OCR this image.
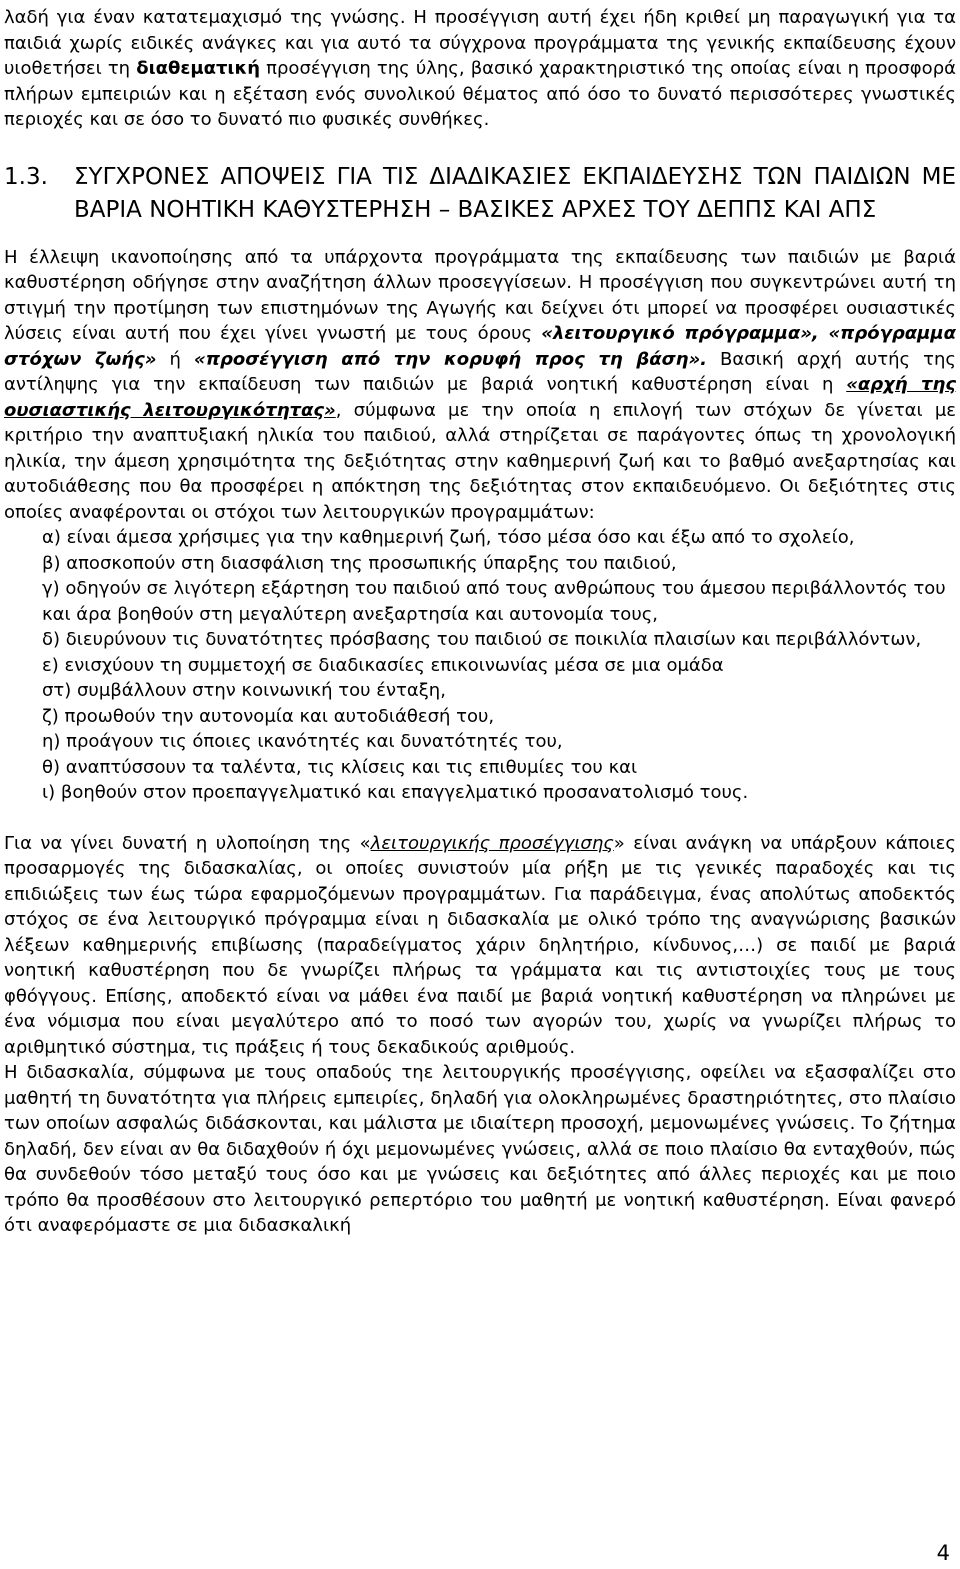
λαδή για έναν κατατεμαχισμό της γνώσης. Η προσέγγιση αυτή έχει ήδη κριθεί μη παραγωγική για τα παιδιά χωρίς ειδικές ανάγκες και για αυτό τα σύγχρονα προγράμματα της γενικής εκπαίδευσης έχουν υιοθετήσει τη διαθεματική προσέγγιση της ύλης, βασικό χαρακτηριστικό της οποίας είναι η προσφορά πλήρων εμπειριών και η εξέταση ενός συνολικού θέματος από όσο το δυνατό περισσότερες γνωστικές περιοχές και σε όσο το δυνατό πιο φυσικές συνθήκες.

1.3.	ΣΥΓΧΡΟΝΕΣ ΑΠΟΨΕΙΣ ΓΙΑ ΤΙΣ ΔΙΑΔΙΚΑΣΙΕΣ ΕΚΠΑΙΔΕΥΣΗΣ ΤΩΝ ΠΑΙΔΙΩΝ ΜΕ ΒΑΡΙΑ ΝΟΗΤΙΚΗ ΚΑΘΥΣΤΕΡΗΣΗ – ΒΑΣΙΚΕΣ ΑΡΧΕΣ ΤΟΥ ΔΕΠΠΣ ΚΑΙ ΑΠΣ

Η έλλειψη ικανοποίησης από τα υπάρχοντα προγράμματα της εκπαίδευσης των παιδιών με βαριά καθυστέρηση οδήγησε στην αναζήτηση άλλων προσεγγίσεων. Η προσέγγιση που συγκεντρώνει αυτή τη στιγμή την προτίμηση των επιστημόνων της Αγωγής και δείχνει ότι μπορεί να προσφέρει ουσιαστικές λύσεις είναι αυτή που έχει γίνει γνωστή με τους όρους «λειτουργικό πρόγραμμα», «πρόγραμμα στόχων ζωής» ή «προσέγγιση από την κορυφή προς τη βάση». Βασική αρχή αυτής της αντίληψης για την εκπαίδευση των παιδιών με βαριά νοητική καθυστέρηση είναι η «αρχή της ουσιαστικής λειτουργικότητας», σύμφωνα με την οποία η επιλογή των στόχων δε γίνεται με κριτήριο την αναπτυξιακή ηλικία του παιδιού, αλλά στηρίζεται σε παράγοντες όπως τη χρονολογική ηλικία, την άμεση χρησιμότητα της δεξιότητας στην καθημερινή ζωή και το βαθμό ανεξαρτησίας και αυτοδιάθεσης που θα προσφέρει η απόκτηση της δεξιότητας στον εκπαιδευόμενο. Οι δεξιότητες στις οποίες αναφέρονται οι στόχοι των λειτουργικών προγραμμάτων:

α) είναι άμεσα χρήσιμες για την καθημερινή ζωή, τόσο μέσα όσο και έξω από το σχολείο,
β) αποσκοπούν στη διασφάλιση της προσωπικής ύπαρξης του παιδιού,
γ) οδηγούν σε λιγότερη εξάρτηση του παιδιού από τους ανθρώπους του άμεσου περιβάλλοντός του και άρα βοηθούν στη μεγαλύτερη ανεξαρτησία και αυτονομία τους,
δ) διευρύνουν τις δυνατότητες πρόσβασης του παιδιού σε ποικιλία πλαισίων και περιβάλλόντων,
ε) ενισχύουν τη συμμετοχή σε διαδικασίες επικοινωνίας μέσα σε μια ομάδα
στ) συμβάλλουν στην κοινωνική του ένταξη,
ζ) προωθούν την αυτονομία και αυτοδιάθεσή του,
η) προάγουν τις όποιες ικανότητές και δυνατότητές του,
θ) αναπτύσσουν τα ταλέντα, τις κλίσεις και τις επιθυμίες του και
ι) βοηθούν στον προεπαγγελματικό και επαγγελματικό προσανατολισμό τους.

Για να γίνει δυνατή η υλοποίηση της «λειτουργικής προσέγγισης» είναι ανάγκη να υπάρξουν κάποιες προσαρμογές της διδασκαλίας, οι οποίες συνιστούν μία ρήξη με τις γενικές παραδοχές και τις επιδιώξεις των έως τώρα εφαρμοζόμενων προγραμμάτων. Για παράδειγμα, ένας απολύτως αποδεκτός στόχος σε ένα λειτουργικό πρόγραμμα είναι η διδασκαλία με ολικό τρόπο της αναγνώρισης βασικών λέξεων καθημερινής επιβίωσης (παραδείγματος χάριν δηλητήριο, κίνδυνος,…) σε παιδί με βαριά νοητική καθυστέρηση που δε γνωρίζει πλήρως τα γράμματα και τις αντιστοιχίες τους με τους φθόγγους. Επίσης, αποδεκτό είναι να μάθει ένα παιδί με βαριά νοητική καθυστέρηση να πληρώνει με ένα νόμισμα που είναι μεγαλύτερο από το ποσό των αγορών του, χωρίς να γνωρίζει πλήρως το αριθμητικό σύστημα, τις πράξεις ή τους δεκαδικούς αριθμούς.

Η διδασκαλία, σύμφωνα με τους οπαδούς τηε λειτουργικής προσέγγισης, οφείλει να εξασφαλίζει στο μαθητή τη δυνατότητα για πλήρεις εμπειρίες, δηλαδή για ολοκληρωμένες δραστηριότητες, στο πλαίσιο των οποίων ασφαλώς διδάσκονται, και μάλιστα με ιδιαίτερη προσοχή, μεμονωμένες γνώσεις. Το ζήτημα δηλαδή, δεν είναι αν θα διδαχθούν ή όχι μεμονωμένες γνώσεις, αλλά σε ποιο πλαίσιο θα ενταχθούν, πώς θα συνδεθούν τόσο μεταξύ τους όσο και με γνώσεις και δεξιότητες από άλλες περιοχές και με ποιο τρόπο θα προσθέσουν στο λειτουργικό ρεπερτόριο του μαθητή με νοητική καθυστέρηση. Είναι φανερό ότι αναφερόμαστε σε μια διδασκαλική

4
